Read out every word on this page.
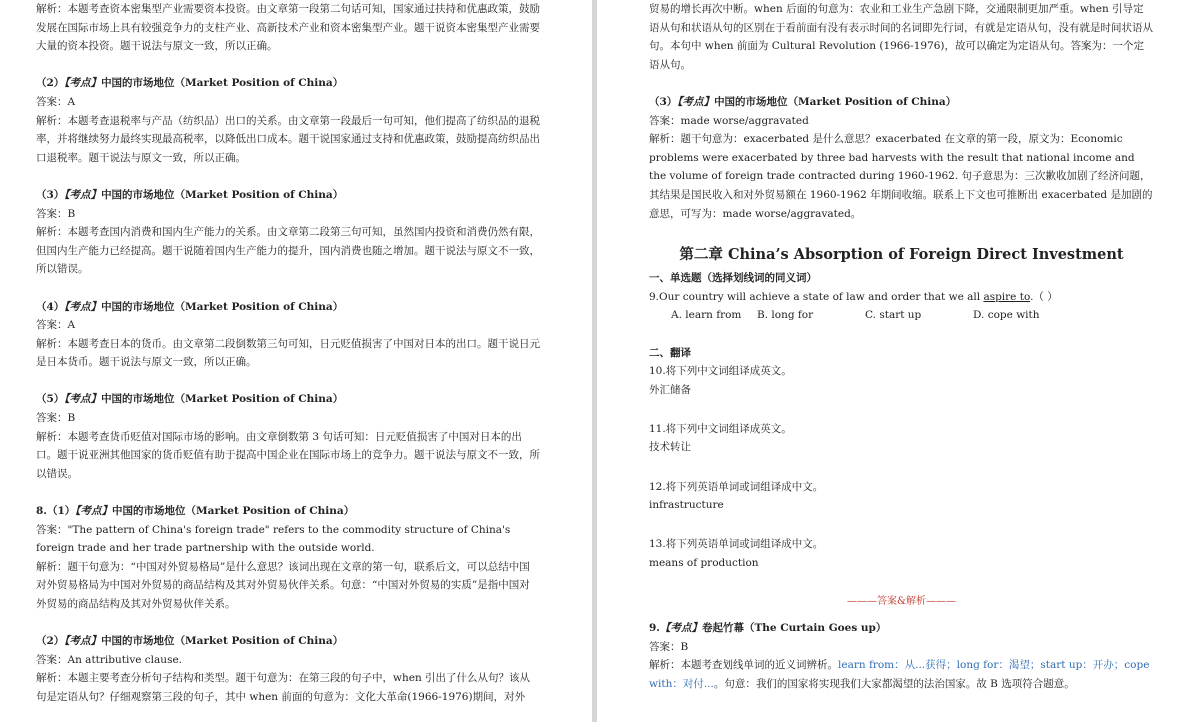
解析：本题考查资本密集型产业需要资本投资。由文章第一段第二句话可知，国家通过扶持和优惠政策，鼓励发展在国际市场上具有较强竞争力的支柱产业、高新技术产业和资本密集型产业。题干说资本密集型产业需要大量的资本投资。题干说法与原文一致，所以正确。

（2）【考点】中国的市场地位（Market Position of China）

答案：A

解析：本题考查退税率与产品（纺织品）出口的关系。由文章第一段最后一句可知，他们提高了纺织品的退税率，并将继续努力最终实现最高税率，以降低出口成本。题干说国家通过支持和优惠政策，鼓励提高纺织品出口退税率。题干说法与原文一致，所以正确。

（3）【考点】中国的市场地位（Market Position of China）

答案：B

解析：本题考查国内消费和国内生产能力的关系。由文章第二段第三句可知，虽然国内投资和消费仍然有限，但国内生产能力已经提高。题干说随着国内生产能力的提升，国内消费也随之增加。题干说法与原文不一致，所以错误。

（4）【考点】中国的市场地位（Market Position of China）

答案：A

解析：本题考查日本的货币。由文章第二段倒数第三句可知，日元贬值损害了中国对日本的出口。题干说日元是日本货币。题干说法与原文一致，所以正确。

（5）【考点】中国的市场地位（Market Position of China）

答案：B

解析：本题考查货币贬值对国际市场的影响。由文章倒数第 3 句话可知：日元贬值损害了中国对日本的出口。题干说亚洲其他国家的货币贬值有助于提高中国企业在国际市场上的竞争力。题干说法与原文不一致，所以错误。

8.（1）【考点】中国的市场地位（Market Position of China）

答案："The pattern of China's foreign trade" refers to the commodity structure of China's foreign trade and her trade partnership with the outside world.

解析：题干句意为：“中国对外贸易格局”是什么意思？该词出现在文章的第一句，联系后文，可以总结中国对外贸易格局为中国对外贸易的商品结构及其对外贸易伙伴关系。句意：“中国对外贸易的实质”是指中国对外贸易的商品结构及其对外贸易伙伴关系。

（2）【考点】中国的市场地位（Market Position of China）

答案：An attributive clause.

解析：本题主要考查分析句子结构和类型。题干句意为：在第三段的句子中，when 引出了什么从句？该从句是定语从句？仔细观察第三段的句子，其中 when 前面的句意为：文化大革命(1966-1976)期间，对外

贸易的增长再次中断。when 后面的句意为：农业和工业生产急剧下降，交通限制更加严重。when 引导定语从句和状语从句的区别在于看前面有没有表示时间的名词即先行词，有就是定语从句，没有就是时间状语从句。本句中 when 前面为 Cultural Revolution (1966-1976)，故可以确定为定语从句。答案为：一个定语从句。

（3）【考点】中国的市场地位（Market Position of China）

答案：made worse/aggravated

解析：题干句意为：exacerbated 是什么意思？exacerbated 在文章的第一段，原文为：Economic problems were exacerbated by three bad harvests with the result that national income and the volume of foreign trade contracted during 1960-1962. 句子意思为：三次歉收加剧了经济问题，其结果是国民收入和对外贸易额在 1960-1962 年期间收缩。联系上下文也可推断出 exacerbated 是加剧的意思，可写为：made worse/aggravated。

第二章 China’s Absorption of Foreign Direct Investment

一、单选题（选择划线词的同义词）

9.Our country will achieve a state of law and order that we all aspire to.（ ）

A. learn from	B. long for	C. start up	D. cope with

二、翻译

10.将下列中文词组译成英文。

外汇储备

11.将下列中文词组译成英文。

技术转让

12.将下列英语单词或词组译成中文。

infrastructure

13.将下列英语单词或词组译成中文。

means of production

———答案&解析———

9.【考点】卷起竹幕（The Curtain Goes up）

答案：B

解析：本题考查划线单词的近义词辨析。learn from：从...获得；long for：渴望；start up：开办；cope with：对付...。句意：我们的国家将实现我们大家都渴望的法治国家。故 B 选项符合题意。
